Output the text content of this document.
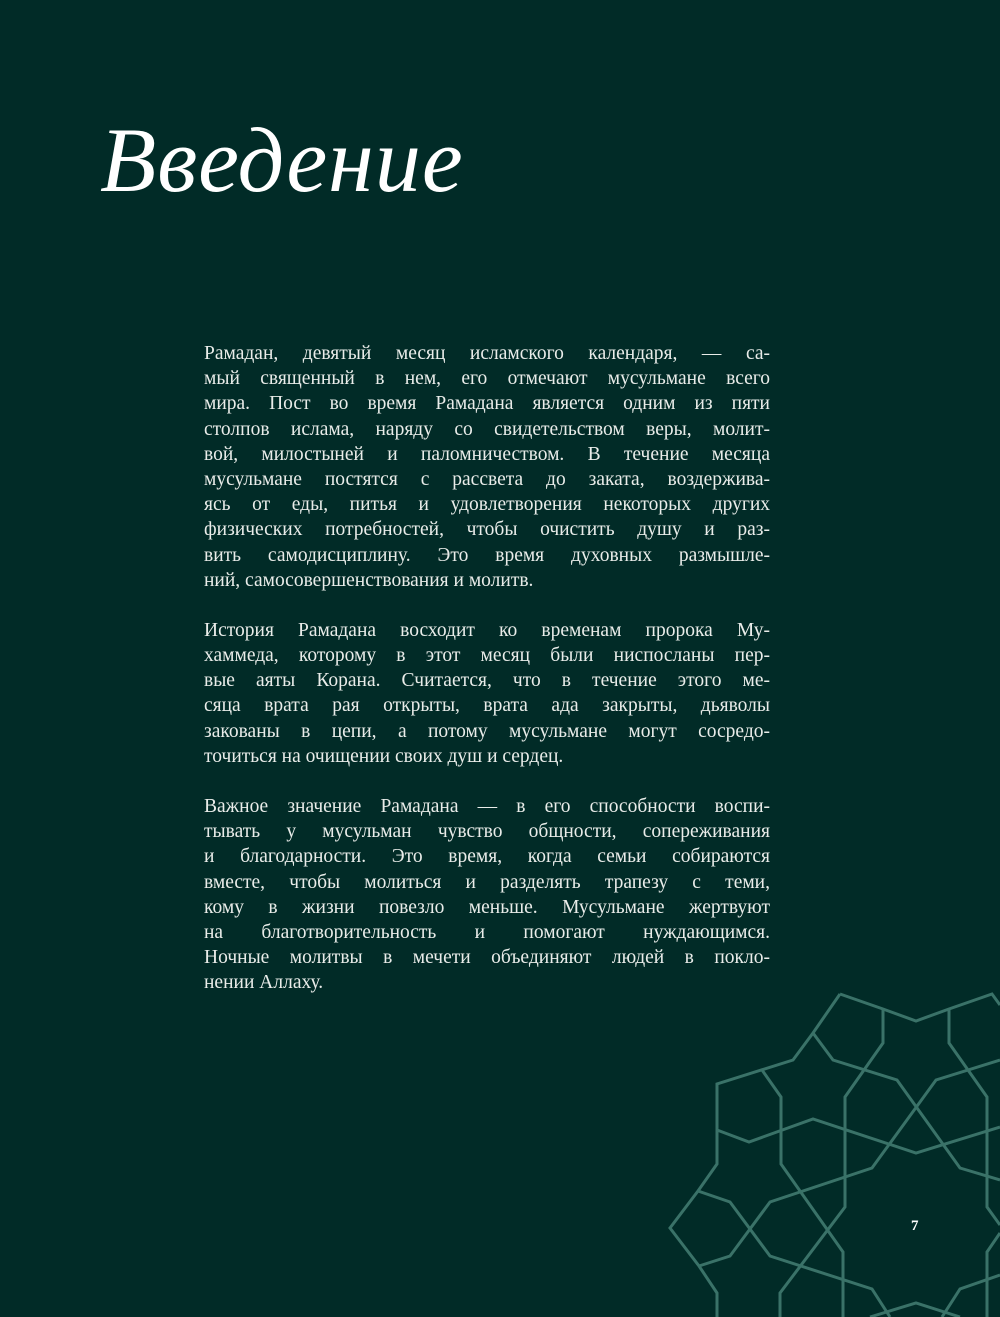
Введение
Рамадан, девятый месяц исламского календаря, — са-
мый священный в нем, его отмечают мусульмане всего
мира. Пост во время Рамадана является одним из пяти
столпов ислама, наряду со свидетельством веры, молит-
вой, милостыней и паломничеством. В течение месяца
мусульмане постятся с рассвета до заката, воздержива-
ясь от еды, питья и удовлетворения некоторых других
физических потребностей, чтобы очистить душу и раз-
вить самодисциплину. Это время духовных размышле-
ний, самосовершенствования и молитв.
История Рамадана восходит ко временам пророка Му-
хаммеда, которому в этот месяц были ниспосланы пер-
вые аяты Корана. Считается, что в течение этого ме-
сяца врата рая открыты, врата ада закрыты, дьяволы
закованы в цепи, а потому мусульмане могут сосредо-
точиться на очищении своих душ и сердец.
Важное значение Рамадана — в его способности воспи-
тывать у мусульман чувство общности, сопереживания
и благодарности. Это время, когда семьи собираются
вместе, чтобы молиться и разделять трапезу с теми,
кому в жизни повезло меньше. Мусульмане жертвуют
на благотворительность и помогают нуждающимся.
Ночные молитвы в мечети объединяют людей в покло-
нении Аллаху.
7
